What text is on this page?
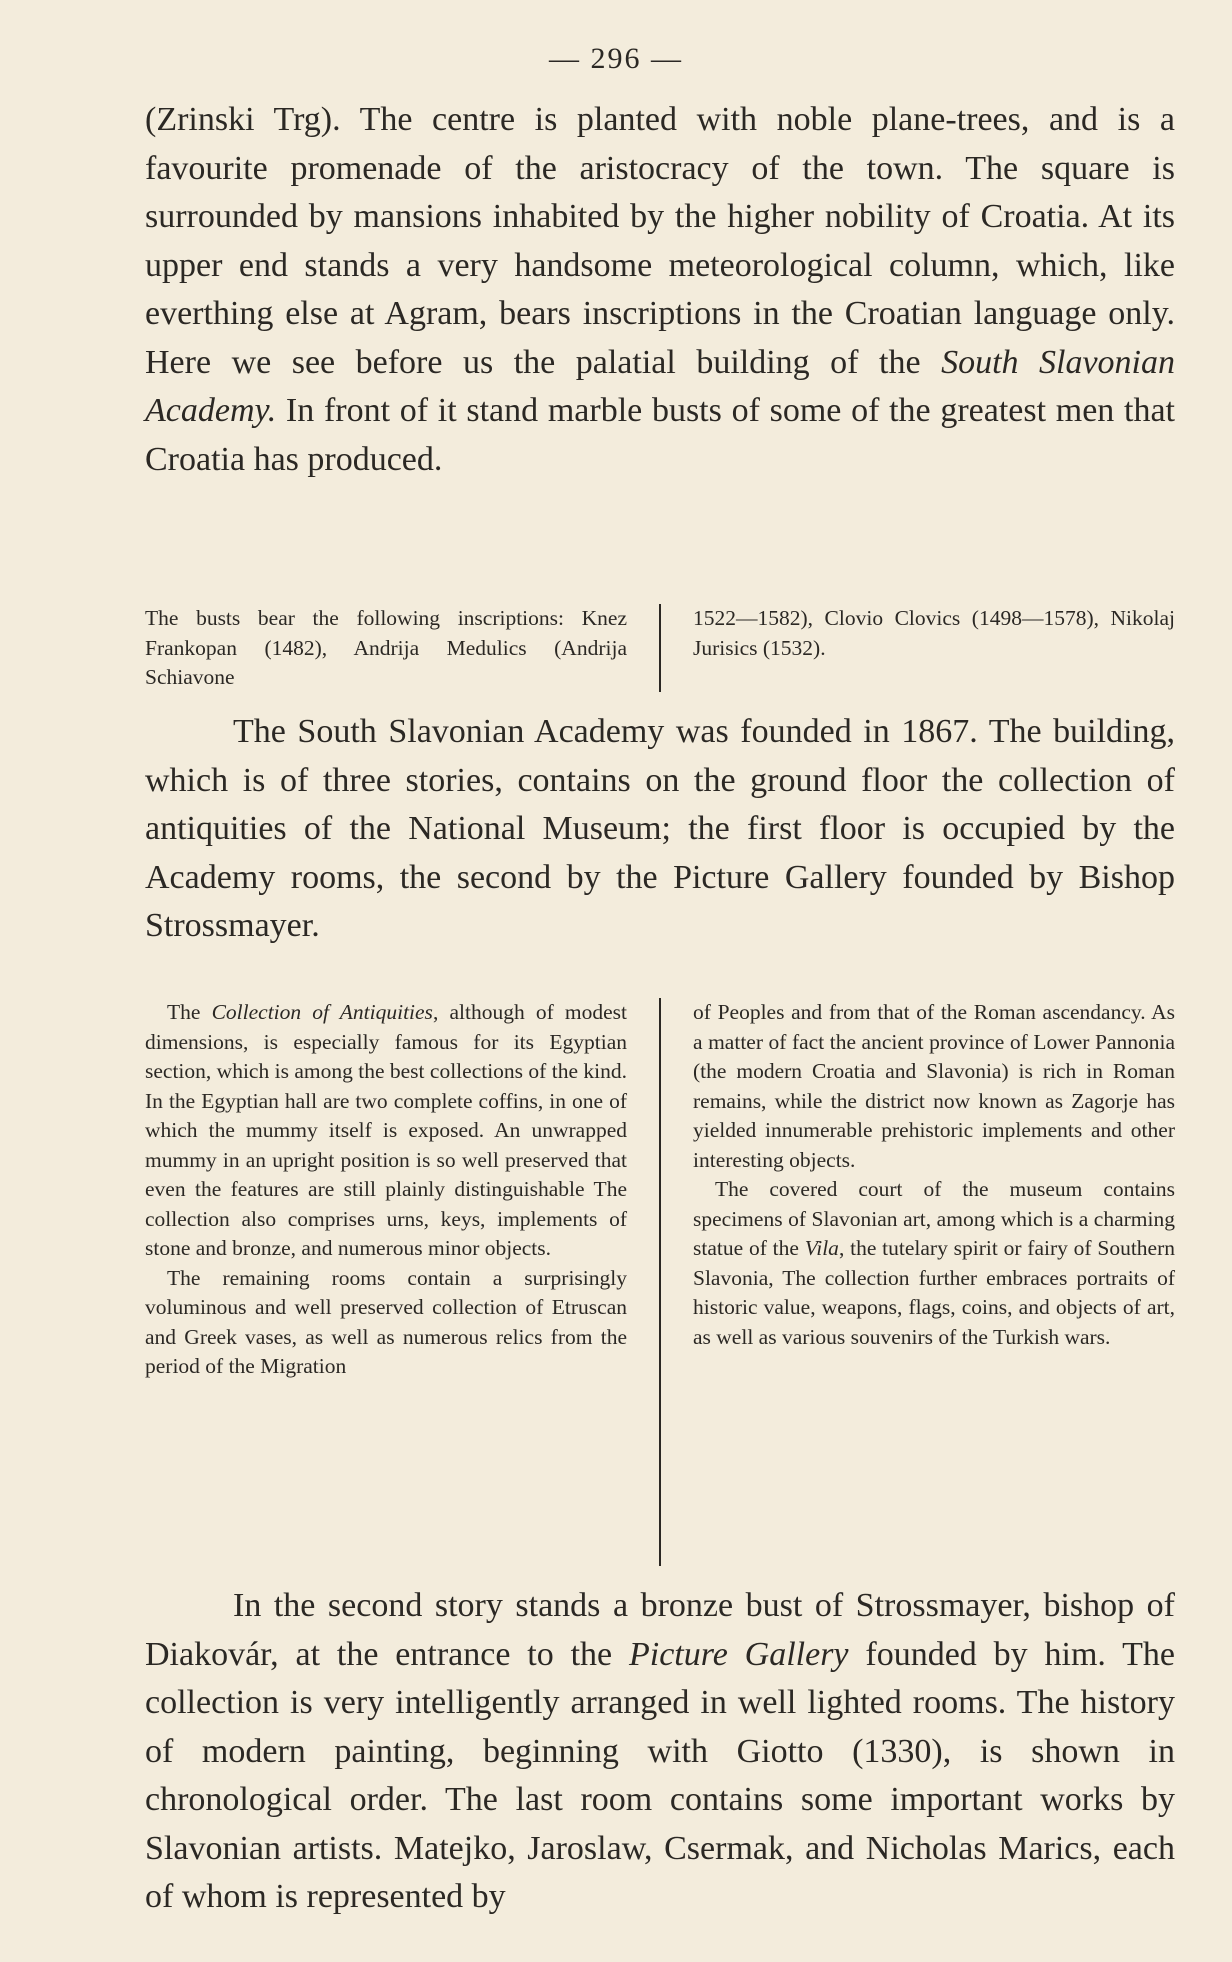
— 296 —

(Zrinski Trg). The centre is planted with noble plane-trees, and is a favourite promenade of the aristocracy of the town. The square is surrounded by mansions inhabited by the higher nobility of Croatia. At its upper end stands a very handsome meteorological column, which, like everthing else at Agram, bears inscriptions in the Croatian language only. Here we see before us the palatial building of the South Slavonian Academy. In front of it stand marble busts of some of the greatest men that Croatia has produced.

The busts bear the following inscriptions: Knez Frankopan (1482), Andrija Medulics (Andrija Schiavone

1522—1582), Clovio Clovics (1498—1578), Nikolaj Jurisics (1532).

The South Slavonian Academy was founded in 1867. The building, which is of three stories, contains on the ground floor the collection of antiquities of the National Museum; the first floor is occupied by the Academy rooms, the second by the Picture Gallery founded by Bishop Strossmayer.

The Collection of Antiquities, although of modest dimensions, is especially famous for its Egyptian section, which is among the best collections of the kind. In the Egyptian hall are two complete coffins, in one of which the mummy itself is exposed. An unwrapped mummy in an upright position is so well preserved that even the features are still plainly distinguishable The collection also comprises urns, keys, implements of stone and bronze, and numerous minor objects.

The remaining rooms contain a surprisingly voluminous and well preserved collection of Etruscan and Greek vases, as well as numerous relics from the period of the Migration

of Peoples and from that of the Roman ascendancy. As a matter of fact the ancient province of Lower Pannonia (the modern Croatia and Slavonia) is rich in Roman remains, while the district now known as Zagorje has yielded innumerable prehistoric implements and other interesting objects.

The covered court of the museum contains specimens of Slavonian art, among which is a charming statue of the Vila, the tutelary spirit or fairy of Southern Slavonia, The collection further embraces portraits of historic value, weapons, flags, coins, and objects of art, as well as various souvenirs of the Turkish wars.

In the second story stands a bronze bust of Strossmayer, bishop of Diakovár, at the entrance to the Picture Gallery founded by him. The collection is very intelligently arranged in well lighted rooms. The history of modern painting, beginning with Giotto (1330), is shown in chronological order. The last room contains some important works by Slavonian artists. Matejko, Jaroslaw, Csermak, and Nicholas Marics, each of whom is represented by
